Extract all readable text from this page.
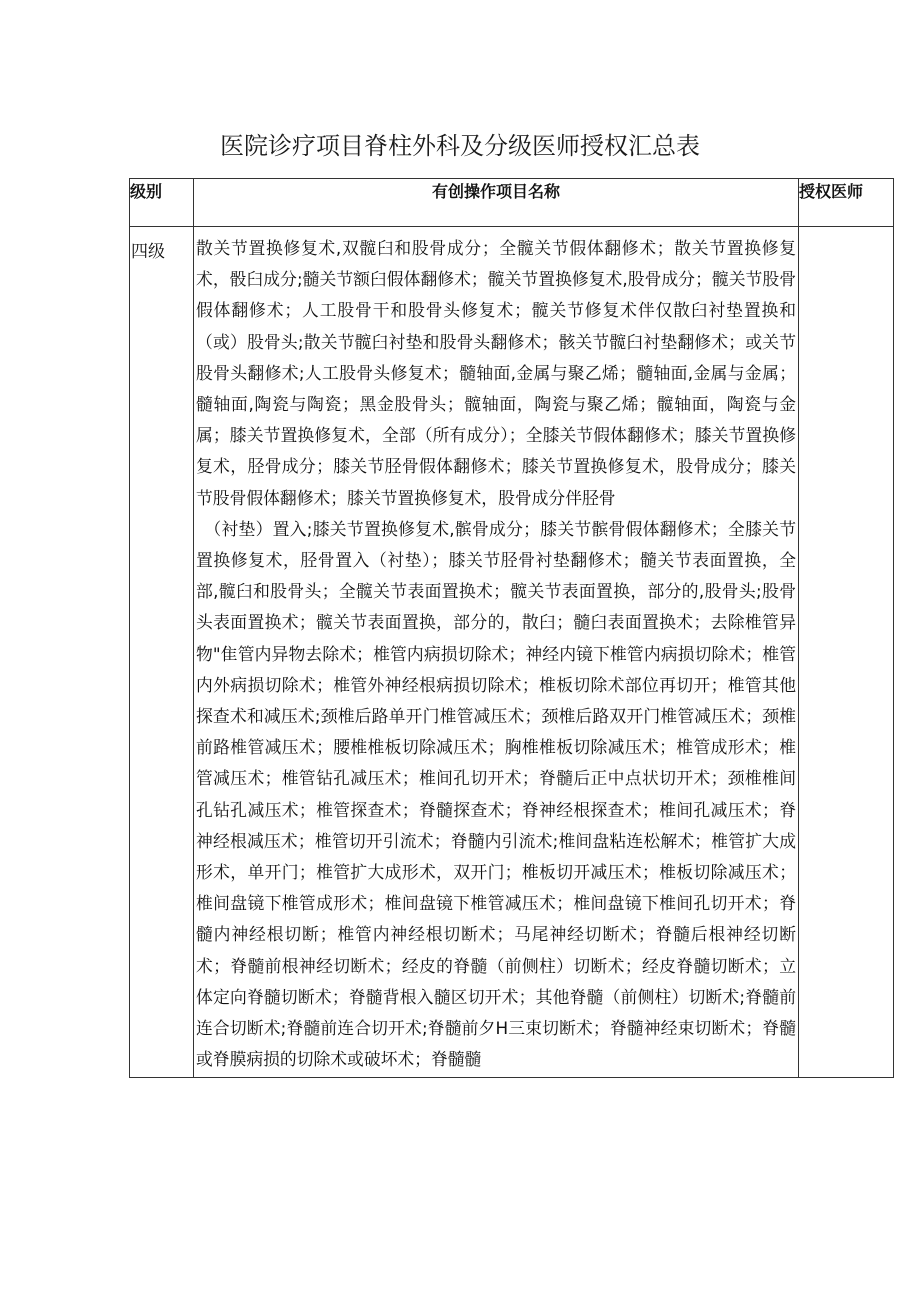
医院诊疗项目脊柱外科及分级医师授权汇总表
级别	有创操作项目名称	授权医师
四级	散关节置换修复术,双髋臼和股骨成分；全髋关节假体翻修术；散关节置换修复术，骰臼成分;髓关节额臼假体翻修术；髋关节置换修复术,股骨成分；髋关节股骨假体翻修术；人工股骨干和股骨头修复术；髋关节修复术伴仅散臼衬垫置换和（或）股骨头;散关节髋臼衬垫和股骨头翻修术；骸关节髋臼衬垫翻修术；或关节股骨头翻修术;人工股骨头修复术；髓轴面,金属与聚乙烯；髓轴面,金属与金属；髓轴面,陶瓷与陶瓷；黑金股骨头；髋轴面，陶瓷与聚乙烯；髋轴面，陶瓷与金属；膝关节置换修复术，全部（所有成分）；全膝关节假体翻修术；膝关节置换修复术，胫骨成分；膝关节胫骨假体翻修术；膝关节置换修复术，股骨成分；膝关节股骨假体翻修术；膝关节置换修复术，股骨成分伴胫骨

（衬垫）置入;膝关节置换修复术,髌骨成分；膝关节髌骨假体翻修术；全膝关节置换修复术，胫骨置入（衬垫）；膝关节胫骨衬垫翻修术；髓关节表面置换，全部,髋臼和股骨头；全髋关节表面置换术；髋关节表面置换，部分的,股骨头;股骨头表面置换术；髋关节表面置换，部分的，散臼；髓臼表面置换术；去除椎管异物"隹管内异物去除术；椎管内病损切除术；神经内镜下椎管内病损切除术；椎管内外病损切除术；椎管外神经根病损切除术；椎板切除术部位再切开；椎管其他探查术和减压术;颈椎后路单开门椎管减压术；颈椎后路双开门椎管减压术；颈椎前路椎管减压术；腰椎椎板切除减压术；胸椎椎板切除减压术；椎管成形术；椎管减压术；椎管钻孔减压术；椎间孔切开术；脊髓后正中点状切开术；颈椎椎间孔钻孔减压术；椎管探查术；脊髓探查术；脊神经根探查术；椎间孔减压术；脊神经根减压术；椎管切开引流术；脊髓内引流术;椎间盘粘连松解术；椎管扩大成形术，单开门；椎管扩大成形术，双开门；椎板切开减压术；椎板切除减压术；椎间盘镜下椎管成形术；椎间盘镜下椎管减压术；椎间盘镜下椎间孔切开术；脊髓内神经根切断；椎管内神经根切断术；马尾神经切断术；脊髓后根神经切断术；脊髓前根神经切断术；经皮的脊髓（前侧柱）切断术；经皮脊髓切断术；立体定向脊髓切断术；脊髓背根入髓区切开术；其他脊髓（前侧柱）切断术;脊髓前连合切断术;脊髓前连合切开术;脊髓前夕H三束切断术；脊髓神经束切断术；脊髓或脊膜病损的切除术或破坏术；脊髓髓	
